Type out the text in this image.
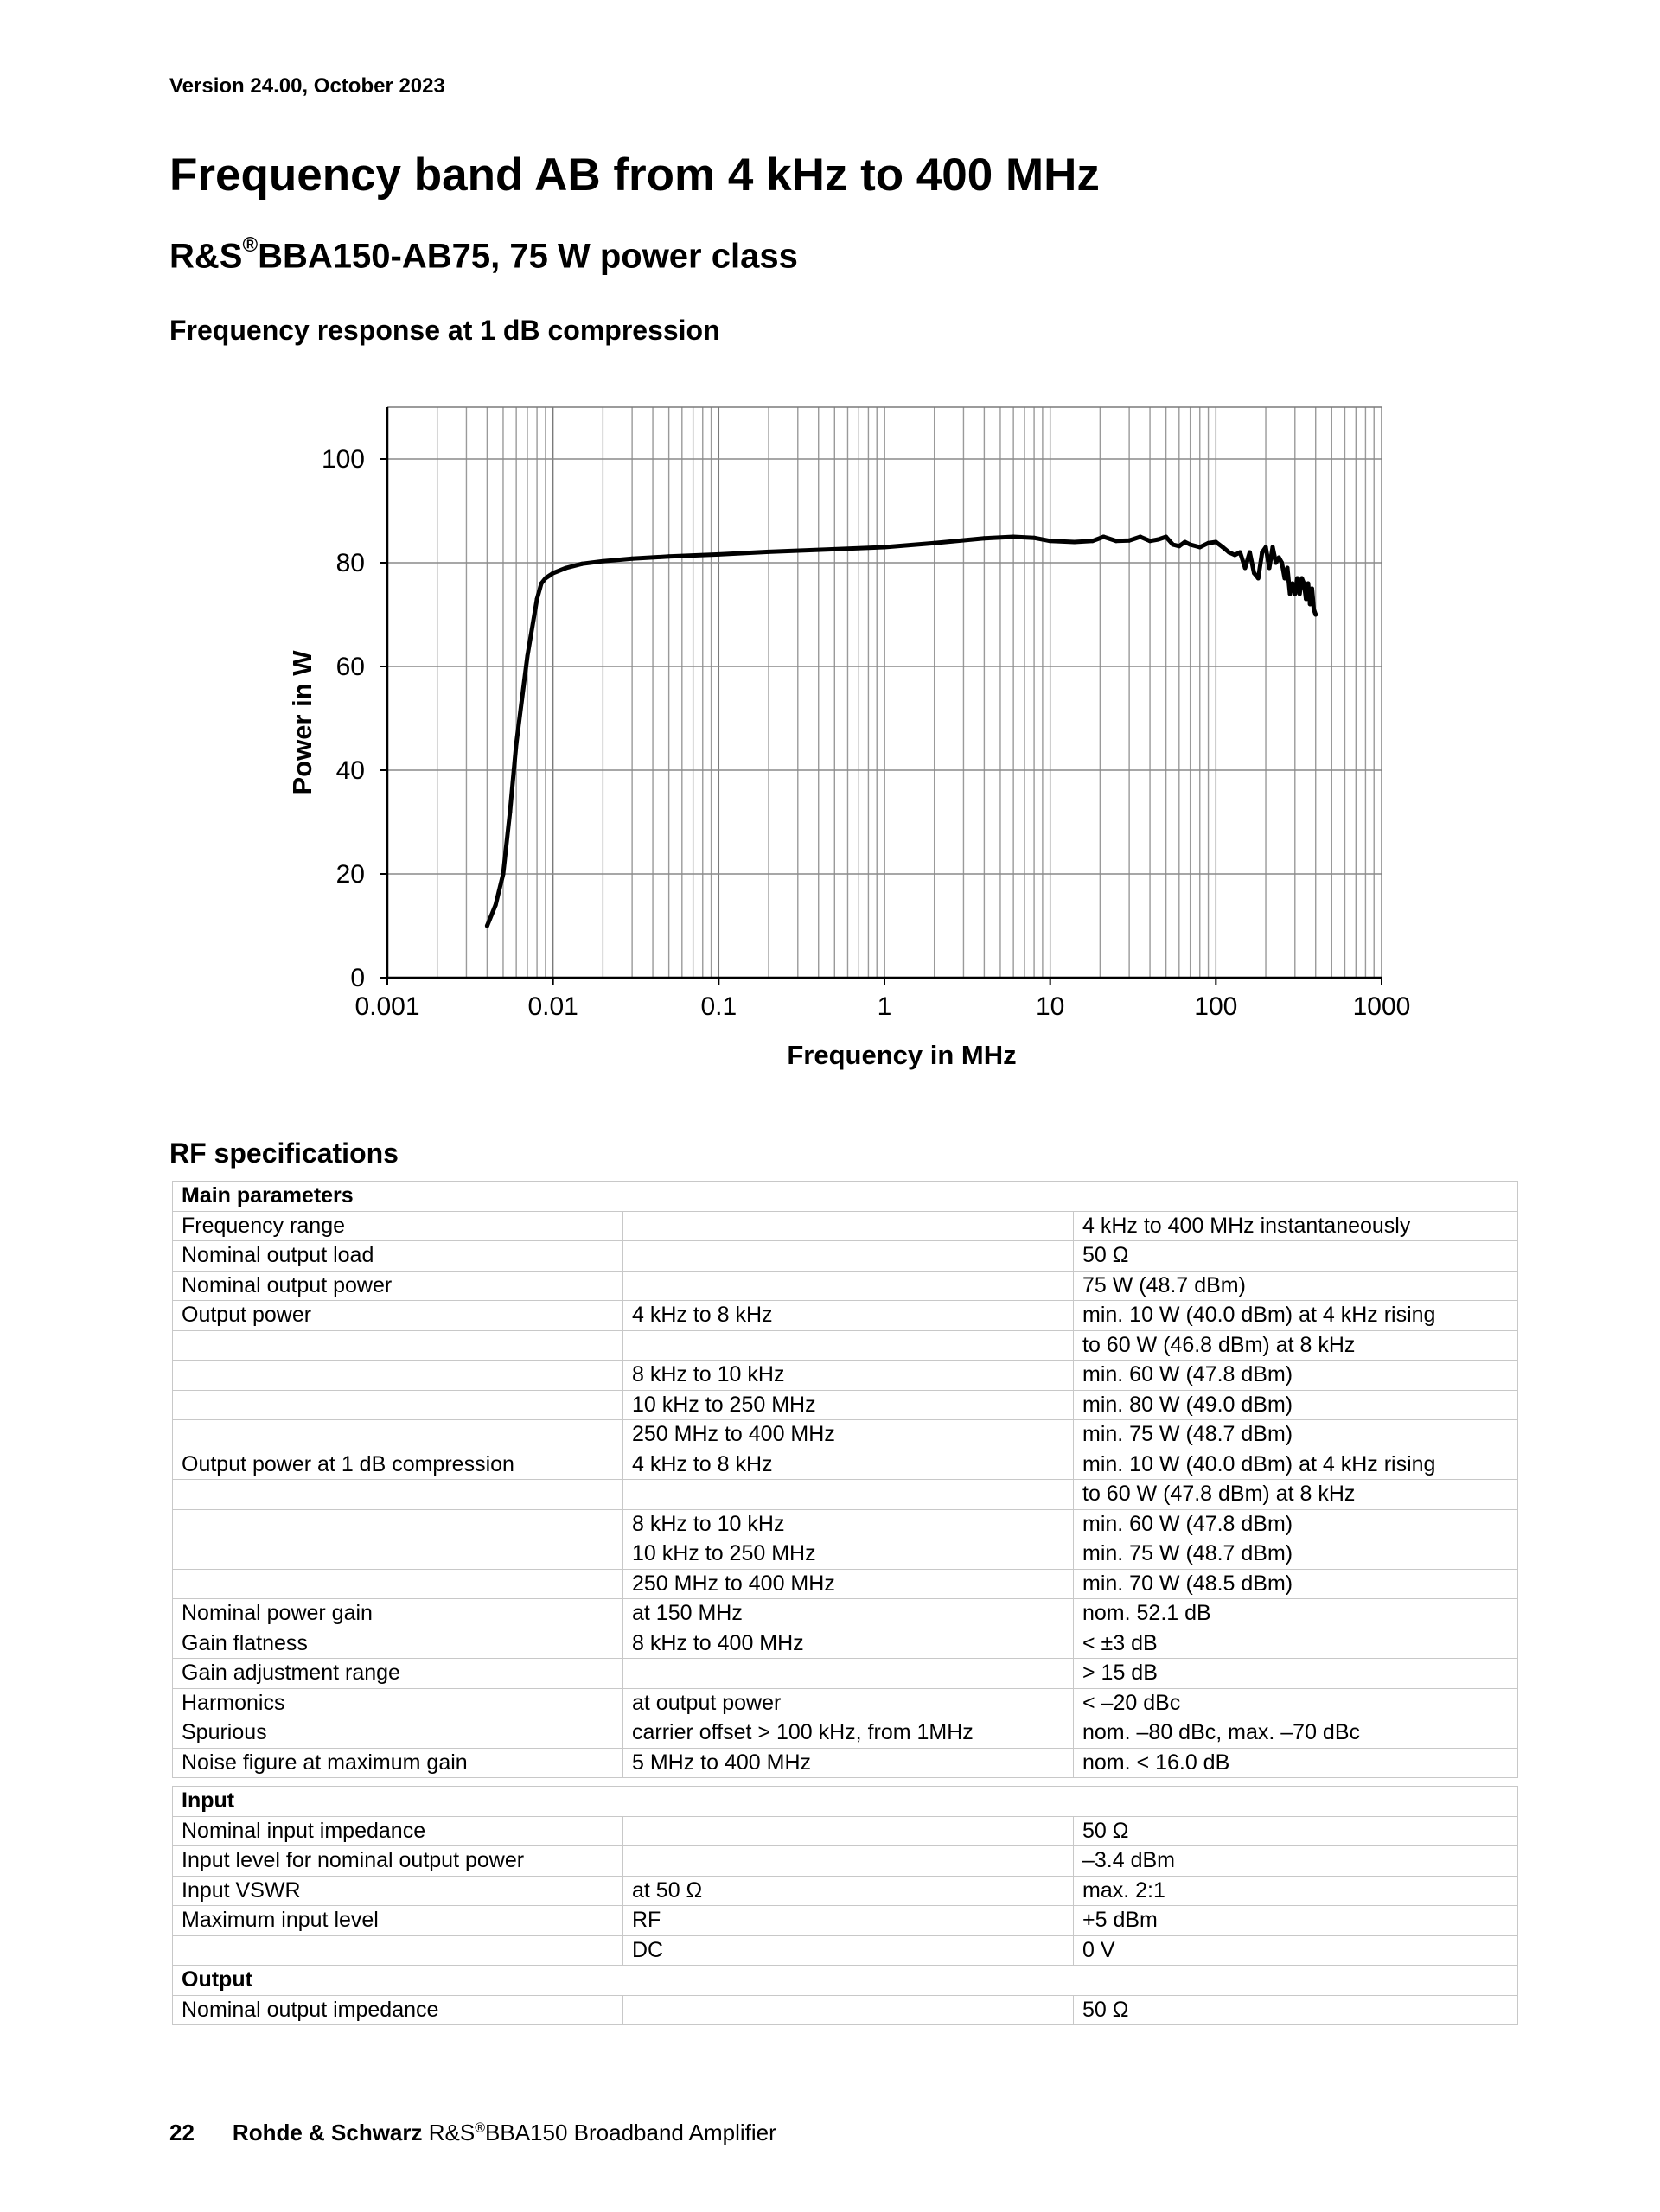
Version 24.00, October 2023
Frequency band AB from 4 kHz to 400 MHz
R&S®BBA150-AB75, 75 W power class
Frequency response at 1 dB compression
0
20
40
60
80
100
0.001	0.01	0.1	1	10	100	1000
Frequency in MHz
Power in W
RF specifications
Main parameters		
Frequency range		4 kHz to 400 MHz instantaneously
Nominal output load		50 Ω
Nominal output power		75 W (48.7 dBm)
Output power	4 kHz to 8 kHz	min. 10 W (40.0 dBm) at 4 kHz rising
		to 60 W (46.8 dBm) at 8 kHz
	8 kHz to 10 kHz	min. 60 W (47.8 dBm)
	10 kHz to 250 MHz	min. 80 W (49.0 dBm)
	250 MHz to 400 MHz	min. 75 W (48.7 dBm)
Output power at 1 dB compression	4 kHz to 8 kHz	min. 10 W (40.0 dBm) at 4 kHz rising
		to 60 W (47.8 dBm) at 8 kHz
	8 kHz to 10 kHz	min. 60 W (47.8 dBm)
	10 kHz to 250 MHz	min. 75 W (48.7 dBm)
	250 MHz to 400 MHz	min. 70 W (48.5 dBm)
Nominal power gain	at 150 MHz	nom. 52.1 dB
Gain flatness	8 kHz to 400 MHz	< ±3 dB
Gain adjustment range		> 15 dB
Harmonics	at output power	< –20 dBc
Spurious	carrier offset > 100 kHz, from 1MHz	nom. –80 dBc, max. –70 dBc
Noise figure at maximum gain	5 MHz to 400 MHz	nom. < 16.0 dB
Input		
Nominal input impedance		50 Ω
Input level for nominal output power		–3.4 dBm
Input VSWR	at 50 Ω	max. 2:1
Maximum input level	RF	+5 dBm
	DC	0 V
Output		
Nominal output impedance		50 Ω
22 Rohde & Schwarz R&S®BBA150 Broadband Amplifier
